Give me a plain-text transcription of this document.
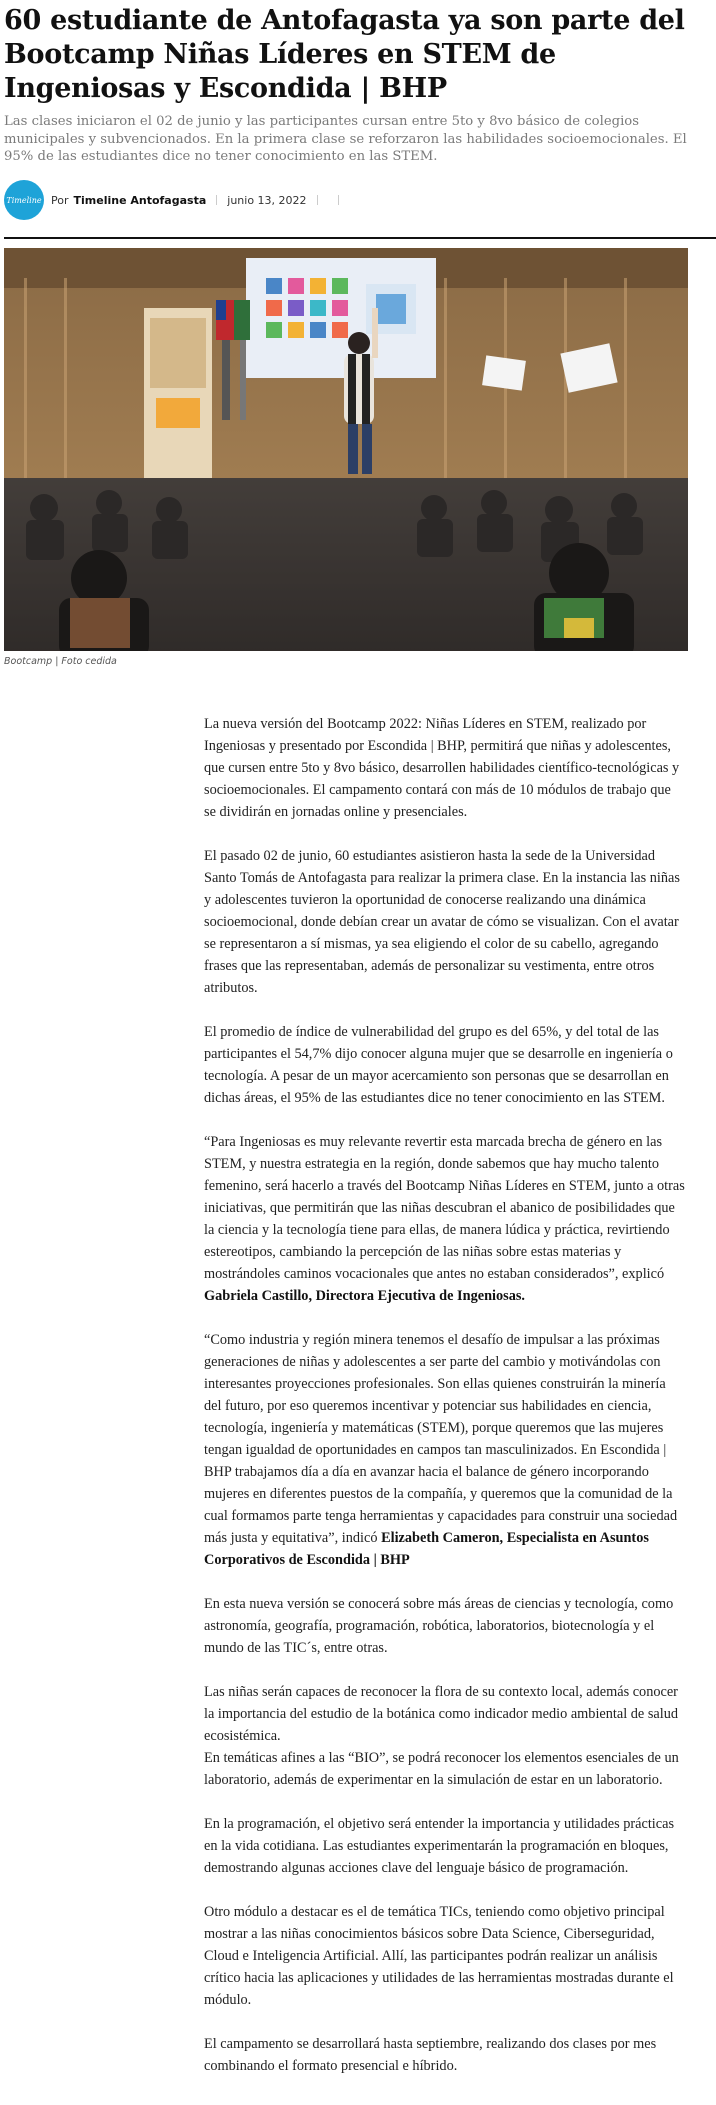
60 estudiante de Antofagasta ya son parte del Bootcamp Niñas Líderes en STEM de Ingeniosas y Escondida | BHP

Las clases iniciaron el 02 de junio y las participantes cursan entre 5to y 8vo básico de colegios municipales y subvencionados. En la primera clase se reforzaron las habilidades socioemocionales. El 95% de las estudiantes dice no tener conocimiento en las STEM.

Timeline Por Timeline Antofagasta junio 13, 2022
Bootcamp | Foto cedida

La nueva versión del Bootcamp 2022: Niñas Líderes en STEM, realizado por Ingeniosas y presentado por Escondida | BHP, permitirá que niñas y adolescentes, que cursen entre 5to y 8vo básico, desarrollen habilidades científico-tecnológicas y socioemocionales. El campamento contará con más de 10 módulos de trabajo que se dividirán en jornadas online y presenciales.

El pasado 02 de junio, 60 estudiantes asistieron hasta la sede de la Universidad Santo Tomás de Antofagasta para realizar la primera clase. En la instancia las niñas y adolescentes tuvieron la oportunidad de conocerse realizando una dinámica socioemocional, donde debían crear un avatar de cómo se visualizan. Con el avatar se representaron a sí mismas, ya sea eligiendo el color de su cabello, agregando frases que las representaban, además de personalizar su vestimenta, entre otros atributos.

El promedio de índice de vulnerabilidad del grupo es del 65%, y del total de las participantes el 54,7% dijo conocer alguna mujer que se desarrolle en ingeniería o tecnología. A pesar de un mayor acercamiento son personas que se desarrollan en dichas áreas, el 95% de las estudiantes dice no tener conocimiento en las STEM.

“Para Ingeniosas es muy relevante revertir esta marcada brecha de género en las STEM, y nuestra estrategia en la región, donde sabemos que hay mucho talento femenino, será hacerlo a través del Bootcamp Niñas Líderes en STEM, junto a otras iniciativas, que permitirán que las niñas descubran el abanico de posibilidades que la ciencia y la tecnología tiene para ellas, de manera lúdica y práctica, revirtiendo estereotipos, cambiando la percepción de las niñas sobre estas materias y mostrándoles caminos vocacionales que antes no estaban considerados”, explicó Gabriela Castillo, Directora Ejecutiva de Ingeniosas.

“Como industria y región minera tenemos el desafío de impulsar a las próximas generaciones de niñas y adolescentes a ser parte del cambio y motivándolas con interesantes proyecciones profesionales. Son ellas quienes construirán la minería del futuro, por eso queremos incentivar y potenciar sus habilidades en ciencia, tecnología, ingeniería y matemáticas (STEM), porque queremos que las mujeres tengan igualdad de oportunidades en campos tan masculinizados. En Escondida | BHP trabajamos día a día en avanzar hacia el balance de género incorporando mujeres en diferentes puestos de la compañía, y queremos que la comunidad de la cual formamos parte tenga herramientas y capacidades para construir una sociedad más justa y equitativa”, indicó Elizabeth Cameron, Especialista en Asuntos Corporativos de Escondida | BHP

En esta nueva versión se conocerá sobre más áreas de ciencias y tecnología, como astronomía, geografía, programación, robótica, laboratorios, biotecnología y el mundo de las TIC´s, entre otras.

Las niñas serán capaces de reconocer la flora de su contexto local, además conocer la importancia del estudio de la botánica como indicador medio ambiental de salud ecosistémica.
En temáticas afines a las “BIO”, se podrá reconocer los elementos esenciales de un laboratorio, además de experimentar en la simulación de estar en un laboratorio.

En la programación, el objetivo será entender la importancia y utilidades prácticas en la vida cotidiana. Las estudiantes experimentarán la programación en bloques, demostrando algunas acciones clave del lenguaje básico de programación.

Otro módulo a destacar es el de temática TICs, teniendo como objetivo principal mostrar a las niñas conocimientos básicos sobre Data Science, Ciberseguridad, Cloud e Inteligencia Artificial. Allí, las participantes podrán realizar un análisis crítico hacia las aplicaciones y utilidades de las herramientas mostradas durante el módulo.

El campamento se desarrollará hasta septiembre, realizando dos clases por mes combinando el formato presencial e híbrido.
